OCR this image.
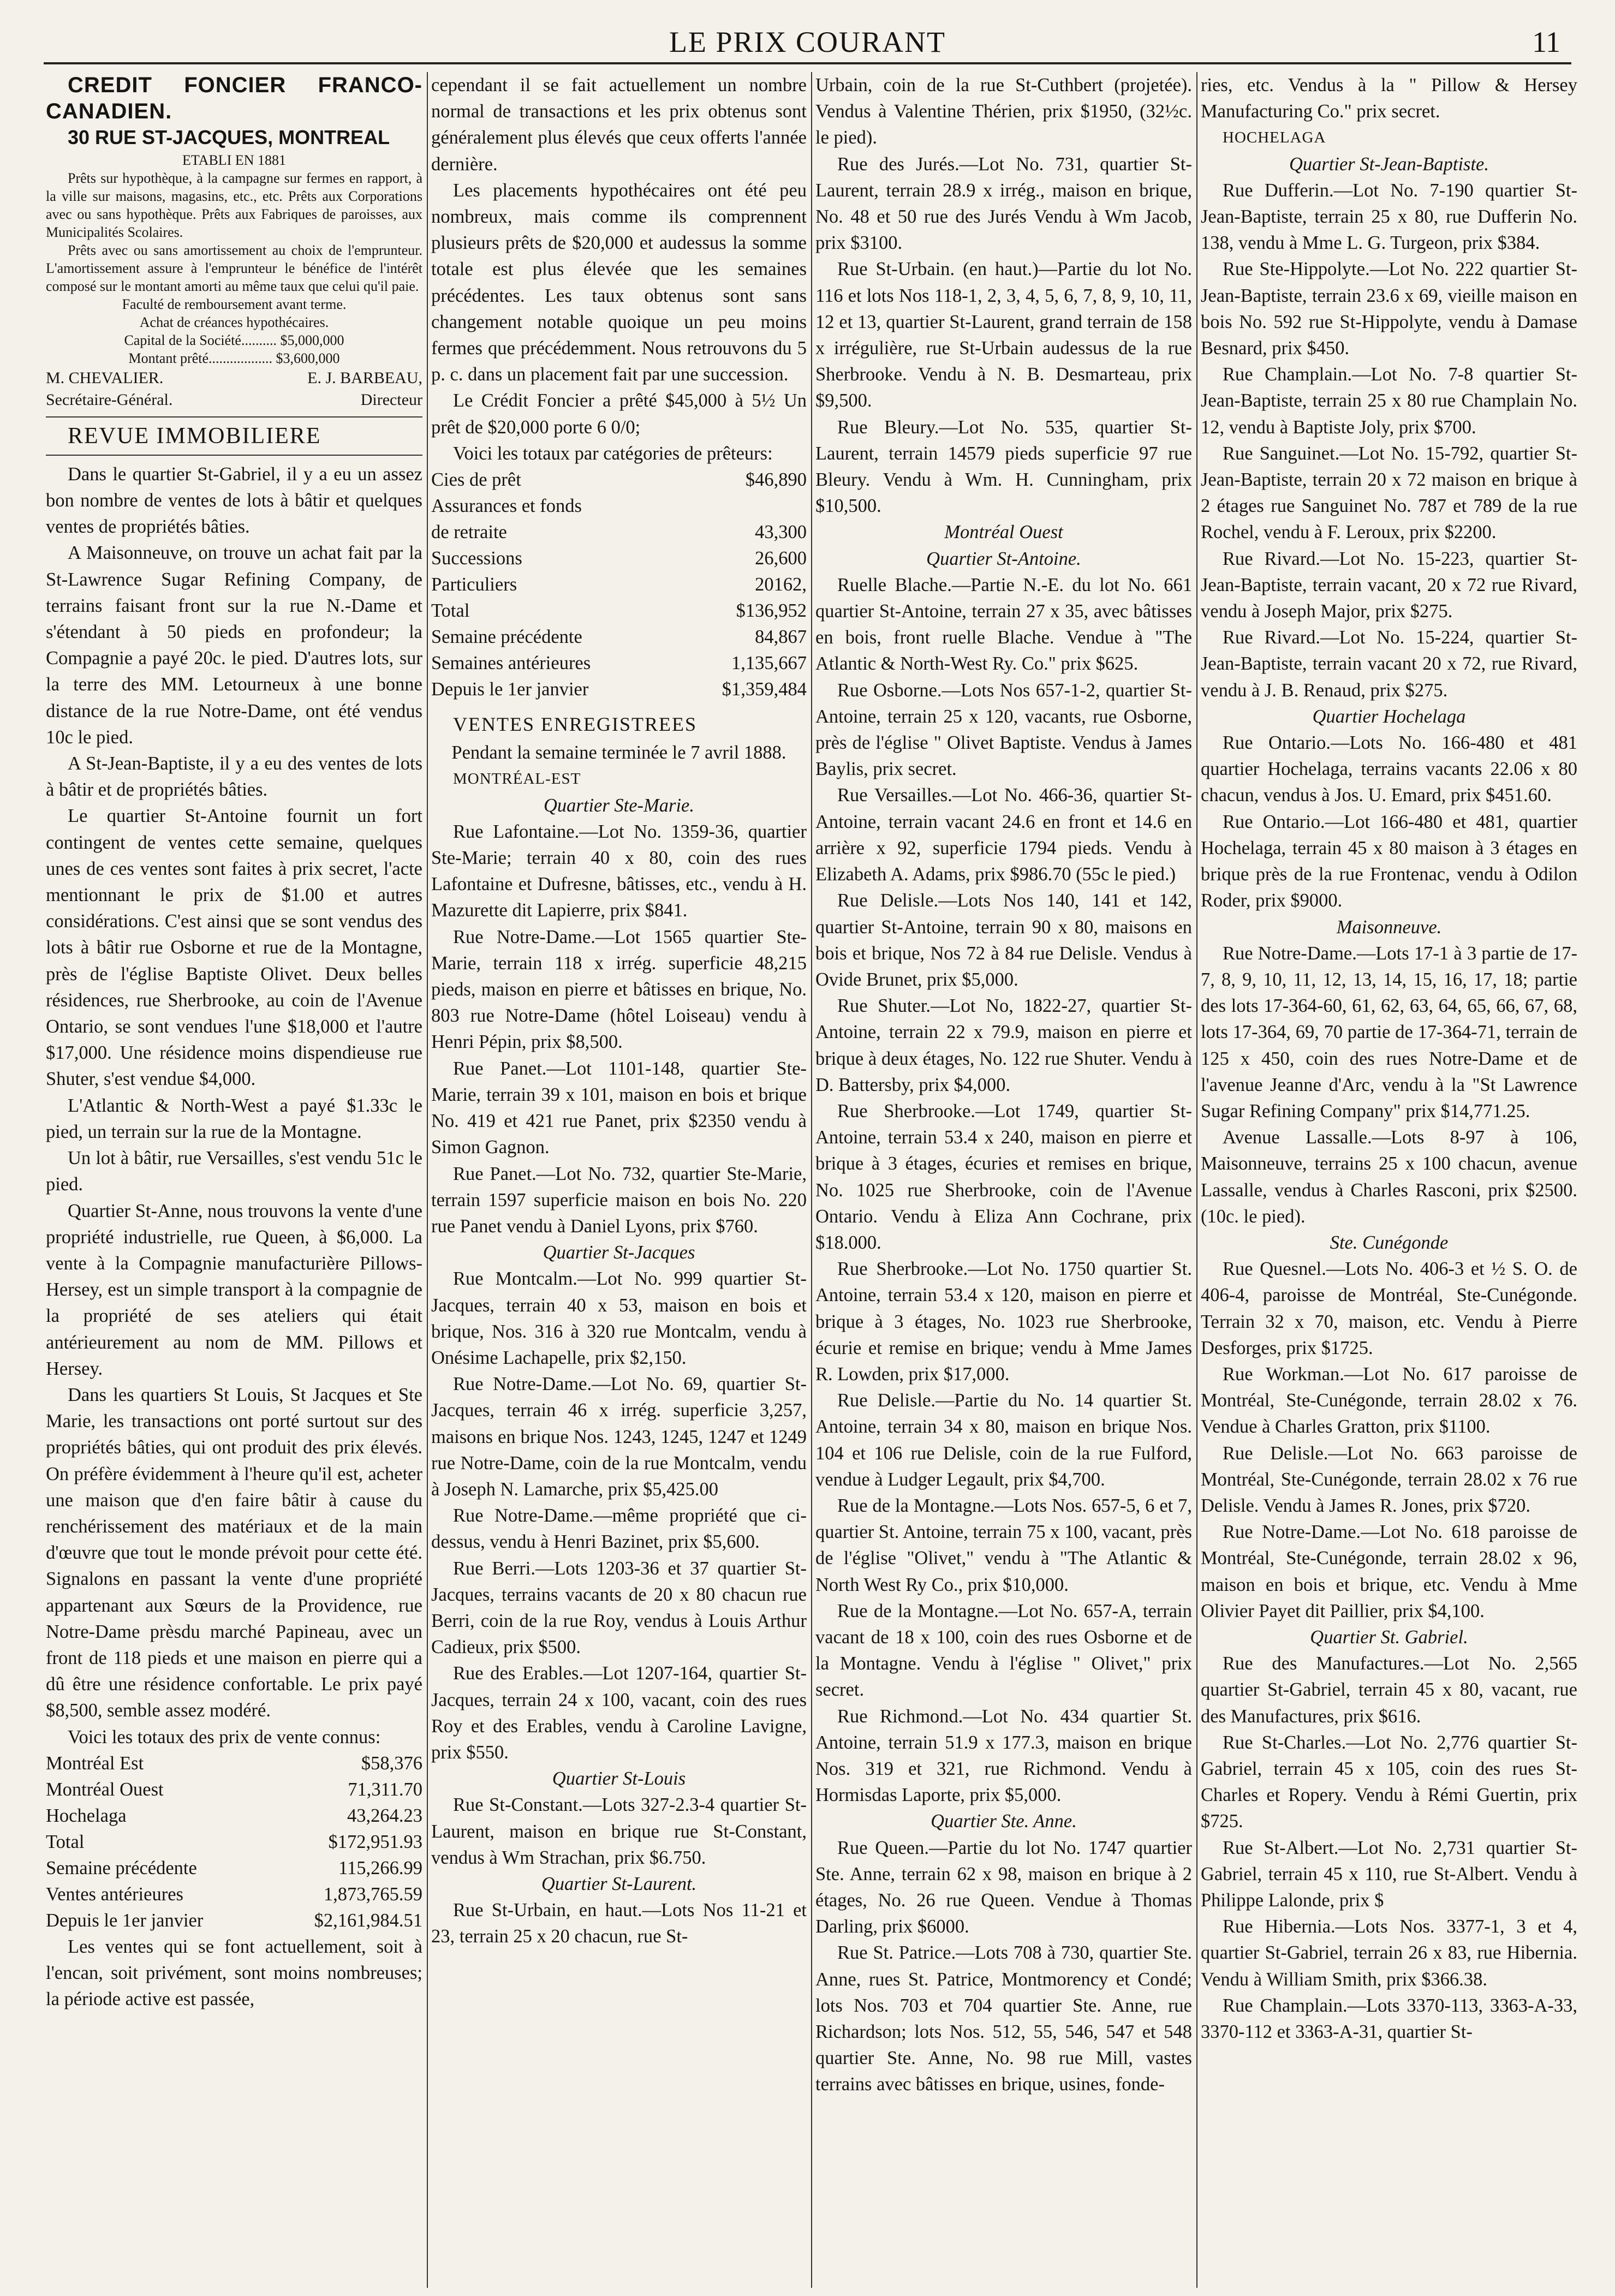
LE PRIX COURANT	11

CREDIT FONCIER FRANCO-CANADIEN.

30 RUE ST-JACQUES, MONTREAL

ETABLI EN 1881

Prêts sur hypothèque, à la campagne sur fermes en rapport, à la ville sur maisons, magasins, etc., etc. Prêts aux Corporations avec ou sans hypothèque. Prêts aux Fabriques de paroisses, aux Municipalités Scolaires.

Prêts avec ou sans amortissement au choix de l'emprunteur. L'amortissement assure à l'emprunteur le bénéfice de l'intérêt composé sur le montant amorti au même taux que celui qu'il paie.

Faculté de remboursement avant terme.

Achat de créances hypothécaires.

Capital de la Société.......... $5,000,000

Montant prêté.................. $3,600,000

M. CHEVALIER.
Secrétaire-Général.
E. J. BARBEAU,
Directeur

REVUE IMMOBILIERE

Dans le quartier St-Gabriel, il y a eu un assez bon nombre de ventes de lots à bâtir et quelques ventes de propriétés bâties.

A Maisonneuve, on trouve un achat fait par la St-Lawrence Sugar Refining Company, de terrains faisant front sur la rue N.-Dame et s'étendant à 50 pieds en profondeur; la Compagnie a payé 20c. le pied. D'autres lots, sur la terre des MM. Letourneux à une bonne distance de la rue Notre-Dame, ont été vendus 10c le pied.

A St-Jean-Baptiste, il y a eu des ventes de lots à bâtir et de propriétés bâties.

Le quartier St-Antoine fournit un fort contingent de ventes cette semaine, quelques unes de ces ventes sont faites à prix secret, l'acte mentionnant le prix de $1.00 et autres considérations. C'est ainsi que se sont vendus des lots à bâtir rue Osborne et rue de la Montagne, près de l'église Baptiste Olivet. Deux belles résidences, rue Sherbrooke, au coin de l'Avenue Ontario, se sont vendues l'une $18,000 et l'autre $17,000. Une résidence moins dispendieuse rue Shuter, s'est vendue $4,000.

L'Atlantic & North-West a payé $1.33c le pied, un terrain sur la rue de la Montagne.

Un lot à bâtir, rue Versailles, s'est vendu 51c le pied.

Quartier St-Anne, nous trouvons la vente d'une propriété industrielle, rue Queen, à $6,000. La vente à la Compagnie manufacturière Pillows-Hersey, est un simple transport à la compagnie de la propriété de ses ateliers qui était antérieurement au nom de MM. Pillows et Hersey.

Dans les quartiers St Louis, St Jacques et Ste Marie, les transactions ont porté surtout sur des propriétés bâties, qui ont produit des prix élevés. On préfère évidemment à l'heure qu'il est, acheter une maison que d'en faire bâtir à cause du renchérissement des matériaux et de la main d'œuvre que tout le monde prévoit pour cette été. Signalons en passant la vente d'une propriété appartenant aux Sœurs de la Providence, rue Notre-Dame prèsdu marché Papineau, avec un front de 118 pieds et une maison en pierre qui a dû être une résidence confortable. Le prix payé $8,500, semble assez modéré.

Voici les totaux des prix de vente connus:

Montréal Est	$58,376
Montréal Ouest	71,311.70
Hochelaga	43,264.23
Total	$172,951.93
Semaine précédente	115,266.99
Ventes antérieures	1,873,765.59
Depuis le 1er janvier	$2,161,984.51

Les ventes qui se font actuellement, soit à l'encan, soit privément, sont moins nombreuses; la période active est passée,

cependant il se fait actuellement un nombre normal de transactions et les prix obtenus sont généralement plus élevés que ceux offerts l'année dernière.

Les placements hypothécaires ont été peu nombreux, mais comme ils comprennent plusieurs prêts de $20,000 et audessus la somme totale est plus élevée que les semaines précédentes. Les taux obtenus sont sans changement notable quoique un peu moins fermes que précédemment. Nous retrouvons du 5 p. c. dans un placement fait par une succession.

Le Crédit Foncier a prêté $45,000 à 5½ Un prêt de $20,000 porte 6 0/0;

Voici les totaux par catégories de prêteurs:

Cies de prêt	$46,890
Assurances et fonds	
de retraite	43,300
Successions	26,600
Particuliers	20162,
Total	$136,952
Semaine précédente	84,867
Semaines antérieures	1,135,667
Depuis le 1er janvier	$1,359,484

VENTES ENREGISTREES

Pendant la semaine terminée le 7 avril 1888.

MONTRÉAL-EST

Quartier Ste-Marie.

Rue Lafontaine.—Lot No. 1359-36, quartier Ste-Marie; terrain 40 x 80, coin des rues Lafontaine et Dufresne, bâtisses, etc., vendu à H. Mazurette dit Lapierre, prix $841.

Rue Notre-Dame.—Lot 1565 quartier Ste-Marie, terrain 118 x irrég. superficie 48,215 pieds, maison en pierre et bâtisses en brique, No. 803 rue Notre-Dame (hôtel Loiseau) vendu à Henri Pépin, prix $8,500.

Rue Panet.—Lot 1101-148, quartier Ste-Marie, terrain 39 x 101, maison en bois et brique No. 419 et 421 rue Panet, prix $2350 vendu à Simon Gagnon.

Rue Panet.—Lot No. 732, quartier Ste-Marie, terrain 1597 superficie maison en bois No. 220 rue Panet vendu à Daniel Lyons, prix $760.

Quartier St-Jacques

Rue Montcalm.—Lot No. 999 quartier St-Jacques, terrain 40 x 53, maison en bois et brique, Nos. 316 à 320 rue Montcalm, vendu à Onésime Lachapelle, prix $2,150.

Rue Notre-Dame.—Lot No. 69, quartier St-Jacques, terrain 46 x irrég. superficie 3,257, maisons en brique Nos. 1243, 1245, 1247 et 1249 rue Notre-Dame, coin de la rue Montcalm, vendu à Joseph N. Lamarche, prix $5,425.00

Rue Notre-Dame.—même propriété que ci-dessus, vendu à Henri Bazinet, prix $5,600.

Rue Berri.—Lots 1203-36 et 37 quartier St-Jacques, terrains vacants de 20 x 80 chacun rue Berri, coin de la rue Roy, vendus à Louis Arthur Cadieux, prix $500.

Rue des Erables.—Lot 1207-164, quartier St-Jacques, terrain 24 x 100, vacant, coin des rues Roy et des Erables, vendu à Caroline Lavigne, prix $550.

Quartier St-Louis

Rue St-Constant.—Lots 327-2.3-4 quartier St-Laurent, maison en brique rue St-Constant, vendus à Wm Strachan, prix $6.750.

Quartier St-Laurent.

Rue St-Urbain, en haut.—Lots Nos 11-21 et 23, terrain 25 x 20 chacun, rue St-

Urbain, coin de la rue St-Cuthbert (projetée). Vendus à Valentine Thérien, prix $1950, (32½c. le pied).

Rue des Jurés.—Lot No. 731, quartier St-Laurent, terrain 28.9 x irrég., maison en brique, No. 48 et 50 rue des Jurés Vendu à Wm Jacob, prix $3100.

Rue St-Urbain. (en haut.)—Partie du lot No. 116 et lots Nos 118-1, 2, 3, 4, 5, 6, 7, 8, 9, 10, 11, 12 et 13, quartier St-Laurent, grand terrain de 158 x irrégulière, rue St-Urbain audessus de la rue Sherbrooke. Vendu à N. B. Desmarteau, prix $9,500.

Rue Bleury.—Lot No. 535, quartier St-Laurent, terrain 14579 pieds superficie 97 rue Bleury. Vendu à Wm. H. Cunningham, prix $10,500.

Montréal Ouest

Quartier St-Antoine.

Ruelle Blache.—Partie N.-E. du lot No. 661 quartier St-Antoine, terrain 27 x 35, avec bâtisses en bois, front ruelle Blache. Vendue à "The Atlantic & North-West Ry. Co." prix $625.

Rue Osborne.—Lots Nos 657-1-2, quartier St-Antoine, terrain 25 x 120, vacants, rue Osborne, près de l'église " Olivet Baptiste. Vendus à James Baylis, prix secret.

Rue Versailles.—Lot No. 466-36, quartier St-Antoine, terrain vacant 24.6 en front et 14.6 en arrière x 92, superficie 1794 pieds. Vendu à Elizabeth A. Adams, prix $986.70 (55c le pied.)

Rue Delisle.—Lots Nos 140, 141 et 142, quartier St-Antoine, terrain 90 x 80, maisons en bois et brique, Nos 72 à 84 rue Delisle. Vendus à Ovide Brunet, prix $5,000.

Rue Shuter.—Lot No, 1822-27, quartier St-Antoine, terrain 22 x 79.9, maison en pierre et brique à deux étages, No. 122 rue Shuter. Vendu à D. Battersby, prix $4,000.

Rue Sherbrooke.—Lot 1749, quartier St-Antoine, terrain 53.4 x 240, maison en pierre et brique à 3 étages, écuries et remises en brique, No. 1025 rue Sherbrooke, coin de l'Avenue Ontario. Vendu à Eliza Ann Cochrane, prix $18.000.

Rue Sherbrooke.—Lot No. 1750 quartier St. Antoine, terrain 53.4 x 120, maison en pierre et brique à 3 étages, No. 1023 rue Sherbrooke, écurie et remise en brique; vendu à Mme James R. Lowden, prix $17,000.

Rue Delisle.—Partie du No. 14 quartier St. Antoine, terrain 34 x 80, maison en brique Nos. 104 et 106 rue Delisle, coin de la rue Fulford, vendue à Ludger Legault, prix $4,700.

Rue de la Montagne.—Lots Nos. 657-5, 6 et 7, quartier St. Antoine, terrain 75 x 100, vacant, près de l'église "Olivet," vendu à "The Atlantic & North West Ry Co., prix $10,000.

Rue de la Montagne.—Lot No. 657-A, terrain vacant de 18 x 100, coin des rues Osborne et de la Montagne. Vendu à l'église " Olivet," prix secret.

Rue Richmond.—Lot No. 434 quartier St. Antoine, terrain 51.9 x 177.3, maison en brique Nos. 319 et 321, rue Richmond. Vendu à Hormisdas Laporte, prix $5,000.

Quartier Ste. Anne.

Rue Queen.—Partie du lot No. 1747 quartier Ste. Anne, terrain 62 x 98, maison en brique à 2 étages, No. 26 rue Queen. Vendue à Thomas Darling, prix $6000.

Rue St. Patrice.—Lots 708 à 730, quartier Ste. Anne, rues St. Patrice, Montmorency et Condé; lots Nos. 703 et 704 quartier Ste. Anne, rue Richardson; lots Nos. 512, 55, 546, 547 et 548 quartier Ste. Anne, No. 98 rue Mill, vastes terrains avec bâtisses en brique, usines, fonde-

ries, etc. Vendus à la " Pillow & Hersey Manufacturing Co." prix secret.

HOCHELAGA

Quartier St-Jean-Baptiste.

Rue Dufferin.—Lot No. 7-190 quartier St-Jean-Baptiste, terrain 25 x 80, rue Dufferin No. 138, vendu à Mme L. G. Turgeon, prix $384.

Rue Ste-Hippolyte.—Lot No. 222 quartier St-Jean-Baptiste, terrain 23.6 x 69, vieille maison en bois No. 592 rue St-Hippolyte, vendu à Damase Besnard, prix $450.

Rue Champlain.—Lot No. 7-8 quartier St-Jean-Baptiste, terrain 25 x 80 rue Champlain No. 12, vendu à Baptiste Joly, prix $700.

Rue Sanguinet.—Lot No. 15-792, quartier St-Jean-Baptiste, terrain 20 x 72 maison en brique à 2 étages rue Sanguinet No. 787 et 789 de la rue Rochel, vendu à F. Leroux, prix $2200.

Rue Rivard.—Lot No. 15-223, quartier St-Jean-Baptiste, terrain vacant, 20 x 72 rue Rivard, vendu à Joseph Major, prix $275.

Rue Rivard.—Lot No. 15-224, quartier St-Jean-Baptiste, terrain vacant 20 x 72, rue Rivard, vendu à J. B. Renaud, prix $275.

Quartier Hochelaga

Rue Ontario.—Lots No. 166-480 et 481 quartier Hochelaga, terrains vacants 22.06 x 80 chacun, vendus à Jos. U. Emard, prix $451.60.

Rue Ontario.—Lot 166-480 et 481, quartier Hochelaga, terrain 45 x 80 maison à 3 étages en brique près de la rue Frontenac, vendu à Odilon Roder, prix $9000.

Maisonneuve.

Rue Notre-Dame.—Lots 17-1 à 3 partie de 17-7, 8, 9, 10, 11, 12, 13, 14, 15, 16, 17, 18; partie des lots 17-364-60, 61, 62, 63, 64, 65, 66, 67, 68, lots 17-364, 69, 70 partie de 17-364-71, terrain de 125 x 450, coin des rues Notre-Dame et de l'avenue Jeanne d'Arc, vendu à la "St Lawrence Sugar Refining Company" prix $14,771.25.

Avenue Lassalle.—Lots 8-97 à 106, Maisonneuve, terrains 25 x 100 chacun, avenue Lassalle, vendus à Charles Rasconi, prix $2500. (10c. le pied).

Ste. Cunégonde

Rue Quesnel.—Lots No. 406-3 et ½ S. O. de 406-4, paroisse de Montréal, Ste-Cunégonde. Terrain 32 x 70, maison, etc. Vendu à Pierre Desforges, prix $1725.

Rue Workman.—Lot No. 617 paroisse de Montréal, Ste-Cunégonde, terrain 28.02 x 76. Vendue à Charles Gratton, prix $1100.

Rue Delisle.—Lot No. 663 paroisse de Montréal, Ste-Cunégonde, terrain 28.02 x 76 rue Delisle. Vendu à James R. Jones, prix $720.

Rue Notre-Dame.—Lot No. 618 paroisse de Montréal, Ste-Cunégonde, terrain 28.02 x 96, maison en bois et brique, etc. Vendu à Mme Olivier Payet dit Paillier, prix $4,100.

Quartier St. Gabriel.

Rue des Manufactures.—Lot No. 2,565 quartier St-Gabriel, terrain 45 x 80, vacant, rue des Manufactures, prix $616.

Rue St-Charles.—Lot No. 2,776 quartier St-Gabriel, terrain 45 x 105, coin des rues St-Charles et Ropery. Vendu à Rémi Guertin, prix $725.

Rue St-Albert.—Lot No. 2,731 quartier St-Gabriel, terrain 45 x 110, rue St-Albert. Vendu à Philippe Lalonde, prix $

Rue Hibernia.—Lots Nos. 3377-1, 3 et 4, quartier St-Gabriel, terrain 26 x 83, rue Hibernia. Vendu à William Smith, prix $366.38.

Rue Champlain.—Lots 3370-113, 3363-A-33, 3370-112 et 3363-A-31, quartier St-
